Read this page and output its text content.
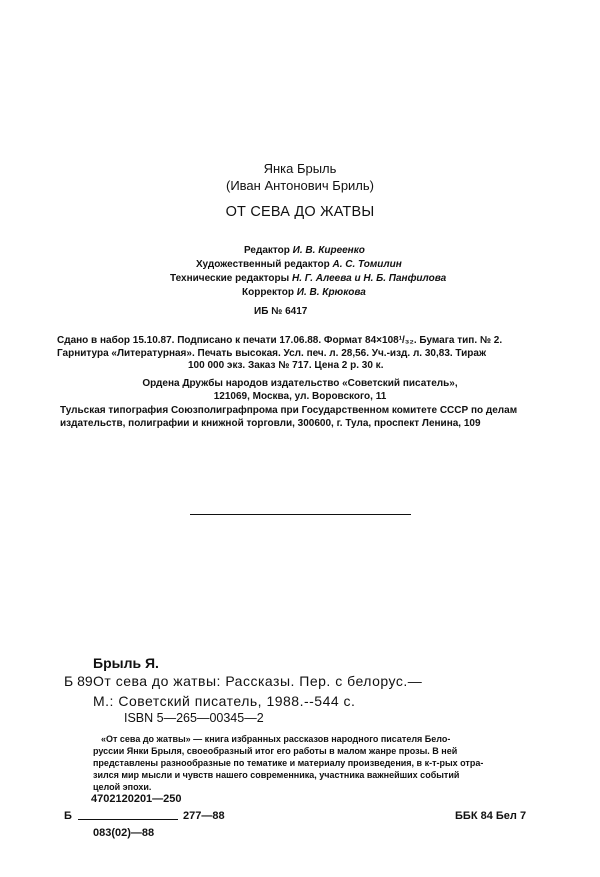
Янка Брыль

(Иван Антонович Бриль)

ОТ СЕВА ДО ЖАТВЫ

Редактор И. В. Киреенко
Художественный редактор А. С. Томилин
Технические редакторы Н. Г. Алеева и Н. Б. Панфилова
Корректор И. В. Крюкова

ИБ № 6417

Сдано в набор 15.10.87. Подписано к печати 17.06.88. Формат 84×108¹/₃₂. Бумага тип. № 2.
Гарнитура «Литературная». Печать высокая. Усл. печ. л. 28,56. Уч.-изд. л. 30,83. Тираж
100 000 экз. Заказ № 717. Цена 2 р. 30 к.
Ордена Дружбы народов издательство «Советский писатель»,
121069, Москва, ул. Воровского, 11
Тульская типография Союзполиграфпрома при Государственном комитете СССР по делам
издательств, полиграфии и книжной торговли, 300600, г. Тула, проспект Ленина, 109

Брыль Я.

Б 89 От сева до жатвы: Рассказы. Пер. с белорус.—

М.: Советский писатель, 1988.--544 с.

ISBN 5—265—00345—2

«От сева до жатвы» — книга избранных рассказов народного писателя Бело-
руссии Янки Брыля, своеобразный итог его работы в малом жанре прозы. В ней
представлены разнообразные по тематике и материалу произведения, в к-т-рых отра-
зился мир мысли и чувств нашего современника, участника важнейших событий
целой эпохи.

4702120201—250

Б	277—88

083(02)—88

ББК 84 Бел 7
